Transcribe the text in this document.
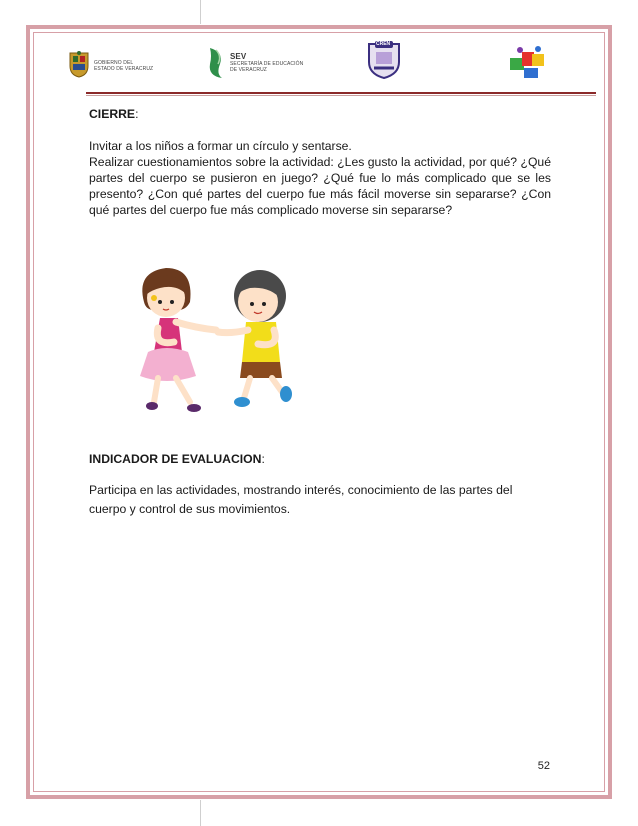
GOBIERNO DEL
ESTADO DE VERACRUZ
SEV
SECRETARÍA DE EDUCACIÓN
DE VERACRUZ
CREN
CIERRE:
Invitar a los niños a formar un círculo y sentarse.
Realizar cuestionamientos sobre la actividad: ¿Les gusto la actividad, por qué? ¿Qué partes del cuerpo se pusieron en juego? ¿Qué fue lo más complicado que se les presento? ¿Con qué partes del cuerpo fue más fácil moverse sin separarse? ¿Con qué partes del cuerpo fue más complicado moverse sin separarse?
INDICADOR DE EVALUACION:
Participa en las actividades, mostrando interés, conocimiento de las partes del cuerpo y control de sus movimientos.
52
